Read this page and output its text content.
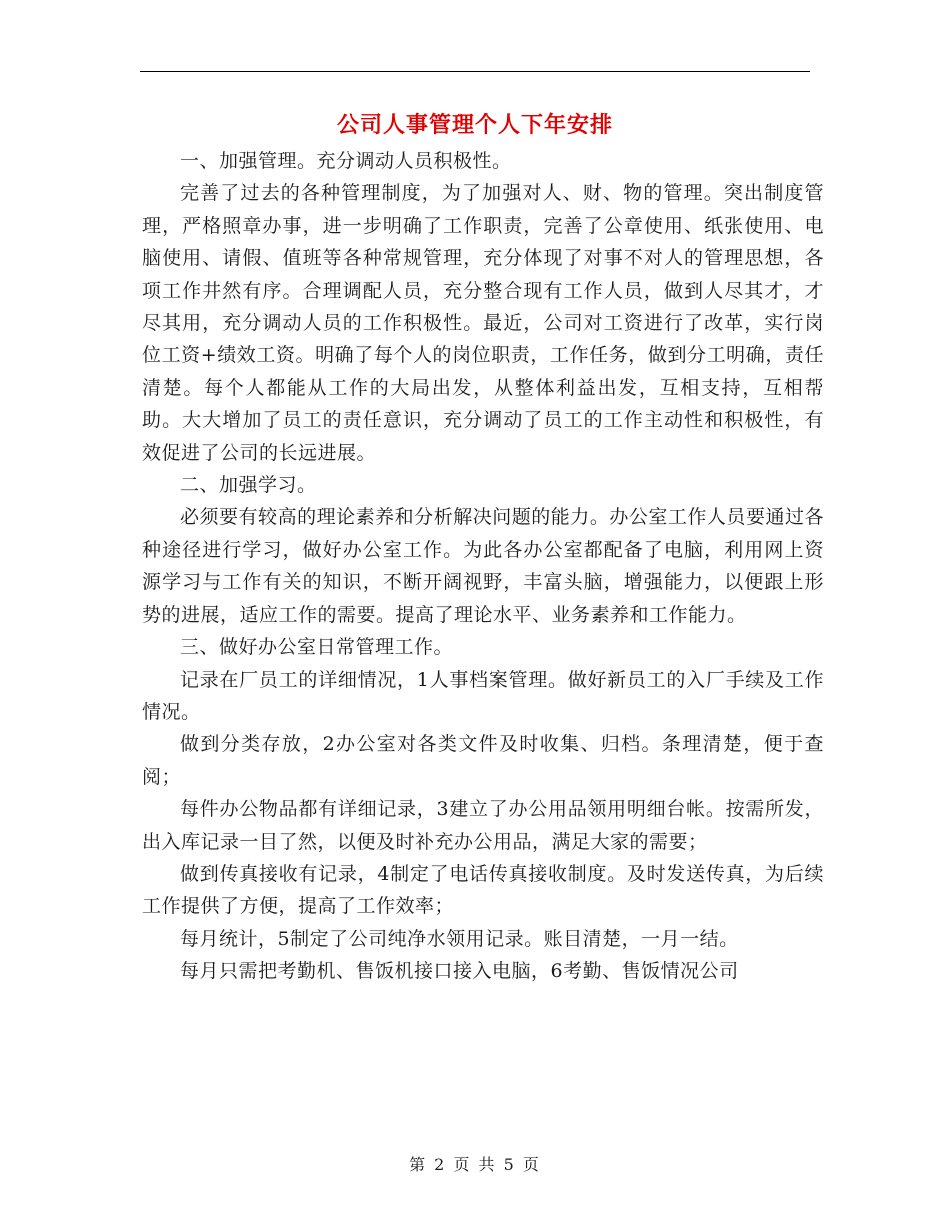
公司人事管理个人下年安排

一、加强管理。充分调动人员积极性。

完善了过去的各种管理制度，为了加强对人、财、物的管理。突出制度管理，严格照章办事，进一步明确了工作职责，完善了公章使用、纸张使用、电脑使用、请假、值班等各种常规管理，充分体现了对事不对人的管理思想，各项工作井然有序。合理调配人员，充分整合现有工作人员，做到人尽其才，才尽其用，充分调动人员的工作积极性。最近，公司对工资进行了改革，实行岗位工资+绩效工资。明确了每个人的岗位职责，工作任务，做到分工明确，责任清楚。每个人都能从工作的大局出发，从整体利益出发，互相支持，互相帮助。大大增加了员工的责任意识，充分调动了员工的工作主动性和积极性，有效促进了公司的长远进展。

二、加强学习。

必须要有较高的理论素养和分析解决问题的能力。办公室工作人员要通过各种途径进行学习，做好办公室工作。为此各办公室都配备了电脑，利用网上资源学习与工作有关的知识，不断开阔视野，丰富头脑，增强能力，以便跟上形势的进展，适应工作的需要。提高了理论水平、业务素养和工作能力。

三、做好办公室日常管理工作。

记录在厂员工的详细情况，1人事档案管理。做好新员工的入厂手续及工作情况。

做到分类存放，2办公室对各类文件及时收集、归档。条理清楚，便于查阅；

每件办公物品都有详细记录，3建立了办公用品领用明细台帐。按需所发，出入库记录一目了然，以便及时补充办公用品，满足大家的需要；

做到传真接收有记录，4制定了电话传真接收制度。及时发送传真，为后续工作提供了方便，提高了工作效率；

每月统计，5制定了公司纯净水领用记录。账目清楚，一月一结。

每月只需把考勤机、售饭机接口接入电脑，6考勤、售饭情况公司

第 2 页 共 5 页
